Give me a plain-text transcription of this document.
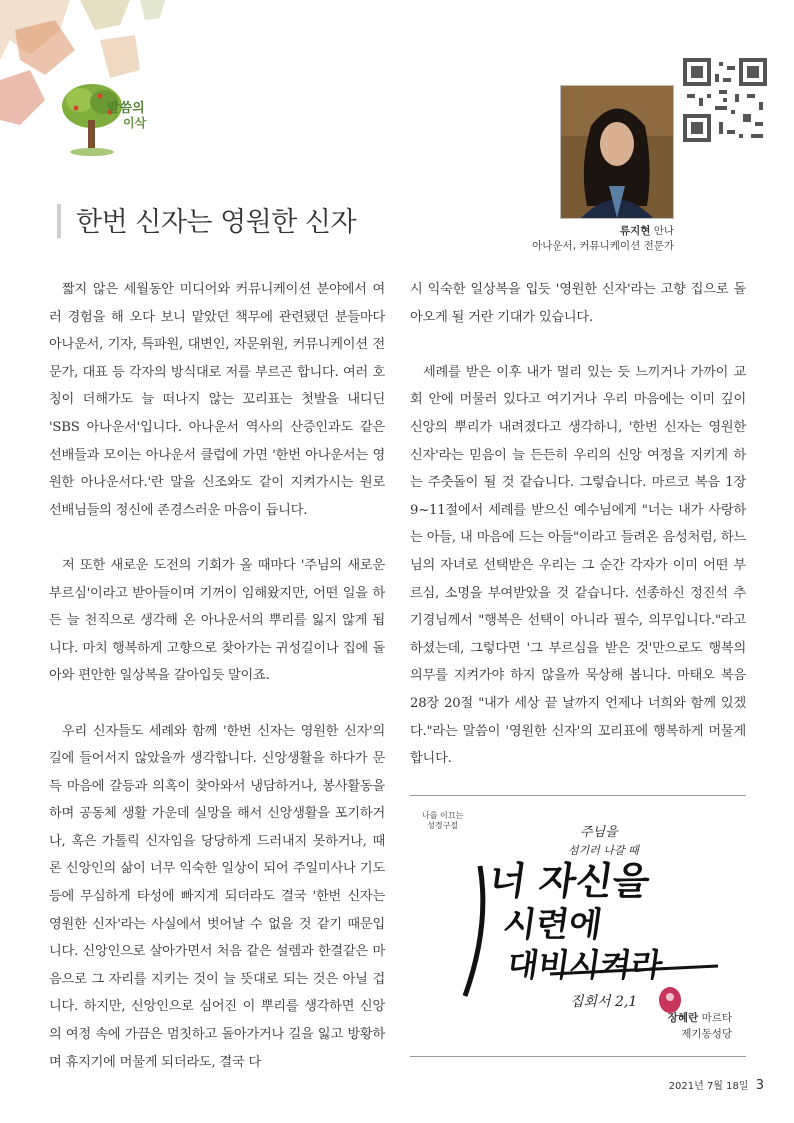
말씀의
이삭
류지현 안나
아나운서, 커뮤니케이션 전문가
한번 신자는 영원한 신자

짧지 않은 세월동안 미디어와 커뮤니케이션 분야에서 여러 경험을 해 오다 보니 맡았던 책무에 관련됐던 분들마다 아나운서, 기자, 특파원, 대변인, 자문위원, 커뮤니케이션 전문가, 대표 등 각자의 방식대로 저를 부르곤 합니다. 여러 호칭이 더해가도 늘 떠나지 않는 꼬리표는 첫발을 내디딘 'SBS 아나운서'입니다. 아나운서 역사의 산증인과도 같은 선배들과 모이는 아나운서 클럽에 가면 '한번 아나운서는 영원한 아나운서다.'란 말을 신조와도 같이 지켜가시는 원로 선배님들의 정신에 존경스러운 마음이 듭니다.

저 또한 새로운 도전의 기회가 올 때마다 '주님의 새로운 부르심'이라고 받아들이며 기꺼이 임해왔지만, 어떤 일을 하든 늘 천직으로 생각해 온 아나운서의 뿌리를 잃지 않게 됩니다. 마치 행복하게 고향으로 찾아가는 귀성길이나 집에 돌아와 편안한 일상복을 갈아입듯 말이죠.

우리 신자들도 세례와 함께 '한번 신자는 영원한 신자'의 길에 들어서지 않았을까 생각합니다. 신앙생활을 하다가 문득 마음에 갈등과 의혹이 찾아와서 냉담하거나, 봉사활동을 하며 공동체 생활 가운데 실망을 해서 신앙생활을 포기하거나, 혹은 가톨릭 신자임을 당당하게 드러내지 못하거나, 때론 신앙인의 삶이 너무 익숙한 일상이 되어 주일미사나 기도 등에 무심하게 타성에 빠지게 되더라도 결국 '한번 신자는 영원한 신자'라는 사실에서 벗어날 수 없을 것 같기 때문입니다. 신앙인으로 살아가면서 처음 같은 설렘과 한결같은 마음으로 그 자리를 지키는 것이 늘 뜻대로 되는 것은 아닐 겁니다. 하지만, 신앙인으로 심어진 이 뿌리를 생각하면 신앙의 여정 속에 가끔은 멈칫하고 돌아가거나 길을 잃고 방황하며 휴지기에 머물게 되더라도, 결국 다

시 익숙한 일상복을 입듯 '영원한 신자'라는 고향 집으로 돌아오게 될 거란 기대가 있습니다.

세례를 받은 이후 내가 멀리 있는 듯 느끼거나 가까이 교회 안에 머물러 있다고 여기거나 우리 마음에는 이미 깊이 신앙의 뿌리가 내려졌다고 생각하니, '한번 신자는 영원한 신자'라는 믿음이 늘 든든히 우리의 신앙 여정을 지키게 하는 주춧돌이 될 것 같습니다. 그렇습니다. 마르코 복음 1장 9~11절에서 세례를 받으신 예수님에게 "너는 내가 사랑하는 아들, 내 마음에 드는 아들"이라고 들려온 음성처럼, 하느님의 자녀로 선택받은 우리는 그 순간 각자가 이미 어떤 부르심, 소명을 부여받았을 것 같습니다. 선종하신 정진석 추기경님께서 "행복은 선택이 아니라 필수, 의무입니다."라고 하셨는데, 그렇다면 '그 부르심을 받은 것'만으로도 행복의 의무를 지켜가야 하지 않을까 묵상해 봅니다. 마태오 복음 28장 20절 "내가 세상 끝 날까지 언제나 너희와 함께 있겠다."라는 말씀이 '영원한 신자'의 꼬리표에 행복하게 머물게 합니다.

나를 이끄는
성경구절	주님을
섬기러 나갈 때
너 자신을
시련에
대비시켜라
집회서 2,1
장혜란 마르타
제기동성당
2021년 7월 18일 3
